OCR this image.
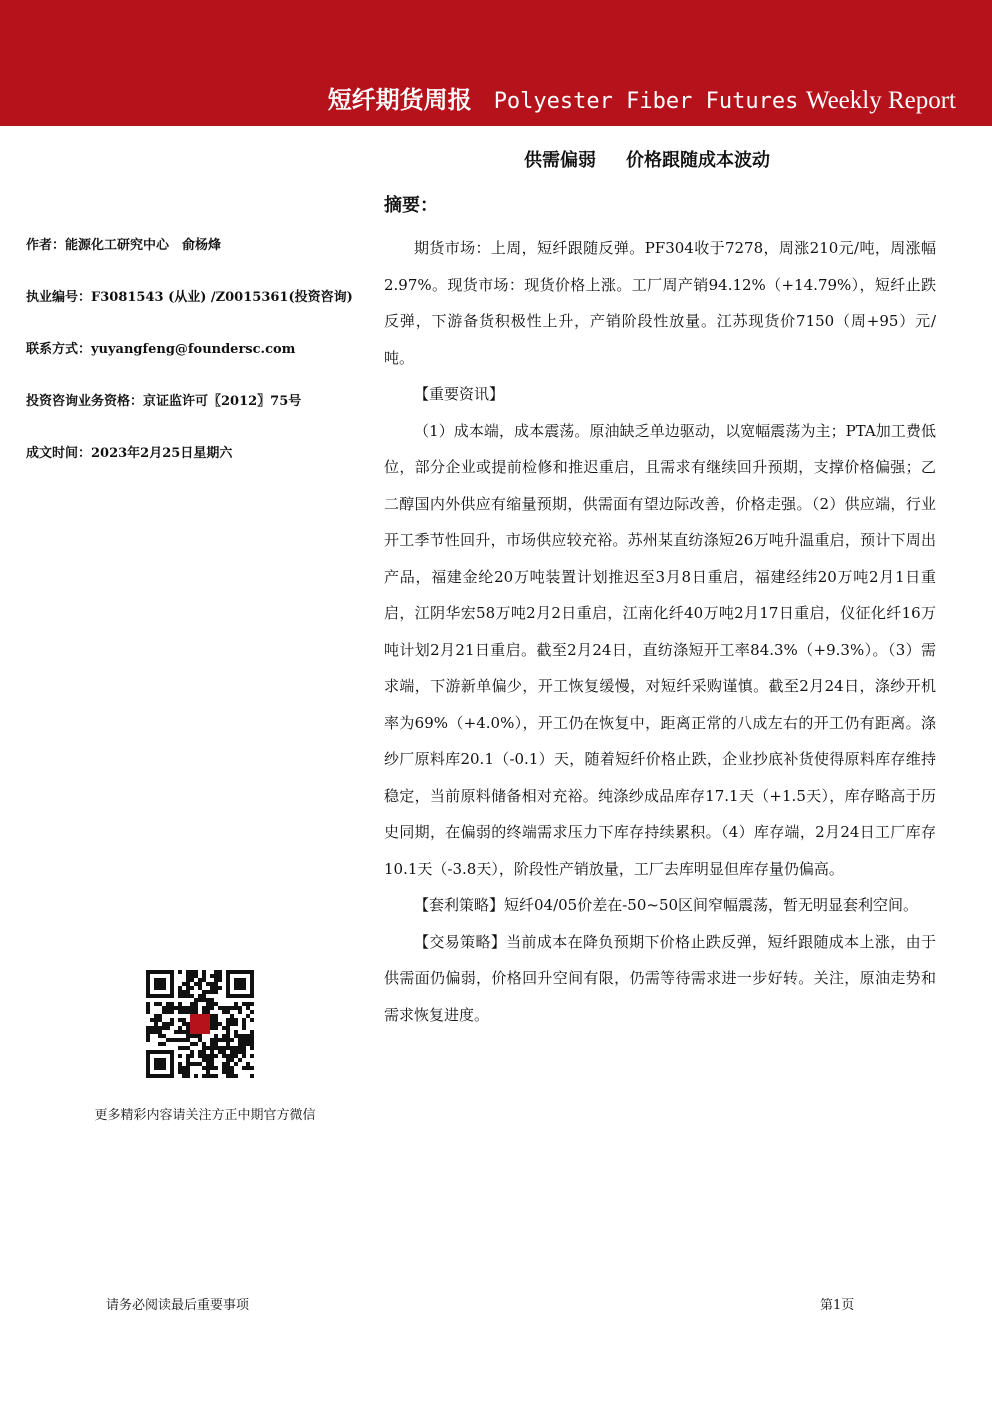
短纤期货周报 Polyester Fiber Futures Weekly Report
供需偏弱 价格跟随成本波动
作者：能源化工研究中心　俞杨烽
执业编号：F3081543 (从业) /Z0015361(投资咨询)
联系方式：yuyangfeng@foundersc.com
投资咨询业务资格：京证监许可〖2012〗75号
成文时间：2023年2月25日星期六
更多精彩内容请关注方正中期官方微信
摘要：

期货市场：上周，短纤跟随反弹。PF304收于7278，周涨210元/吨，周涨幅2.97%。现货市场：现货价格上涨。工厂周产销94.12%（+14.79%），短纤止跌反弹，下游备货积极性上升，产销阶段性放量。江苏现货价7150（周+95）元/吨。

【重要资讯】

（1）成本端，成本震荡。原油缺乏单边驱动，以宽幅震荡为主；PTA加工费低位，部分企业或提前检修和推迟重启，且需求有继续回升预期，支撑价格偏强；乙二醇国内外供应有缩量预期，供需面有望边际改善，价格走强。（2）供应端，行业开工季节性回升，市场供应较充裕。苏州某直纺涤短26万吨升温重启，预计下周出产品，福建金纶20万吨装置计划推迟至3月8日重启，福建经纬20万吨2月1日重启，江阴华宏58万吨2月2日重启，江南化纤40万吨2月17日重启，仪征化纤16万吨计划2月21日重启。截至2月24日，直纺涤短开工率84.3%（+9.3%）。（3）需求端，下游新单偏少，开工恢复缓慢，对短纤采购谨慎。截至2月24日，涤纱开机率为69%（+4.0%），开工仍在恢复中，距离正常的八成左右的开工仍有距离。涤纱厂原料库20.1（-0.1）天，随着短纤价格止跌，企业抄底补货使得原料库存维持稳定，当前原料储备相对充裕。纯涤纱成品库存17.1天（+1.5天），库存略高于历史同期，在偏弱的终端需求压力下库存持续累积。（4）库存端，2月24日工厂库存10.1天（-3.8天），阶段性产销放量，工厂去库明显但库存量仍偏高。

【套利策略】短纤04/05价差在-50~50区间窄幅震荡，暂无明显套利空间。

【交易策略】当前成本在降负预期下价格止跌反弹，短纤跟随成本上涨，由于供需面仍偏弱，价格回升空间有限，仍需等待需求进一步好转。关注，原油走势和需求恢复进度。

请务必阅读最后重要事项	第1页
